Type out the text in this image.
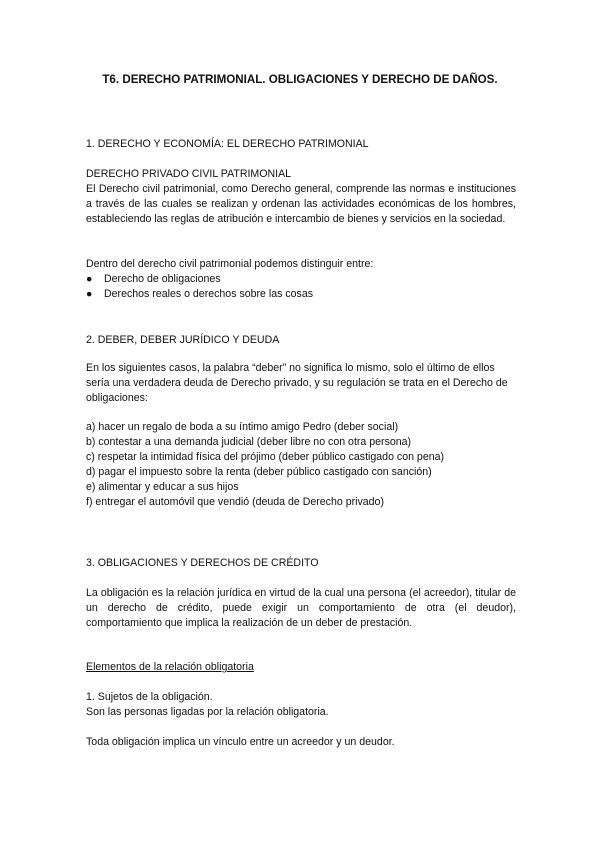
T6. DERECHO PATRIMONIAL. OBLIGACIONES Y DERECHO DE DAÑOS.

1. DERECHO Y ECONOMÍA: EL DERECHO PATRIMONIAL

DERECHO PRIVADO CIVIL PATRIMONIAL

El Derecho civil patrimonial, como Derecho general, comprende las normas e instituciones a través de las cuales se realizan y ordenan las actividades económicas de los hombres, estableciendo las reglas de atribución e intercambio de bienes y servicios en la sociedad.

Dentro del derecho civil patrimonial podemos distinguir entre:

● Derecho de obligaciones
● Derechos reales o derechos sobre las cosas

2. DEBER, DEBER JURÍDICO Y DEUDA

En los siguientes casos, la palabra “deber” no significa lo mismo, solo el último de ellos sería una verdadera deuda de Derecho privado, y su regulación se trata en el Derecho de obligaciones:

a) hacer un regalo de boda a su íntimo amigo Pedro (deber social)
b) contestar a una demanda judicial (deber libre no con otra persona)
c) respetar la intimidad física del prójimo (deber público castigado con pena)
d) pagar el impuesto sobre la renta (deber público castigado con sanción)
e) alimentar y educar a sus hijos
f) entregar el automóvil que vendió (deuda de Derecho privado)

3. OBLIGACIONES Y DERECHOS DE CRÉDITO

La obligación es la relación jurídica en virtud de la cual una persona (el acreedor), titular de un derecho de crédito, puede exigir un comportamiento de otra (el deudor), comportamiento que implica la realización de un deber de prestación.

Elementos de la relación obligatoria

1. Sujetos de la obligación.

Son las personas ligadas por la relación obligatoria.

Toda obligación implica un vínculo entre un acreedor y un deudor.
